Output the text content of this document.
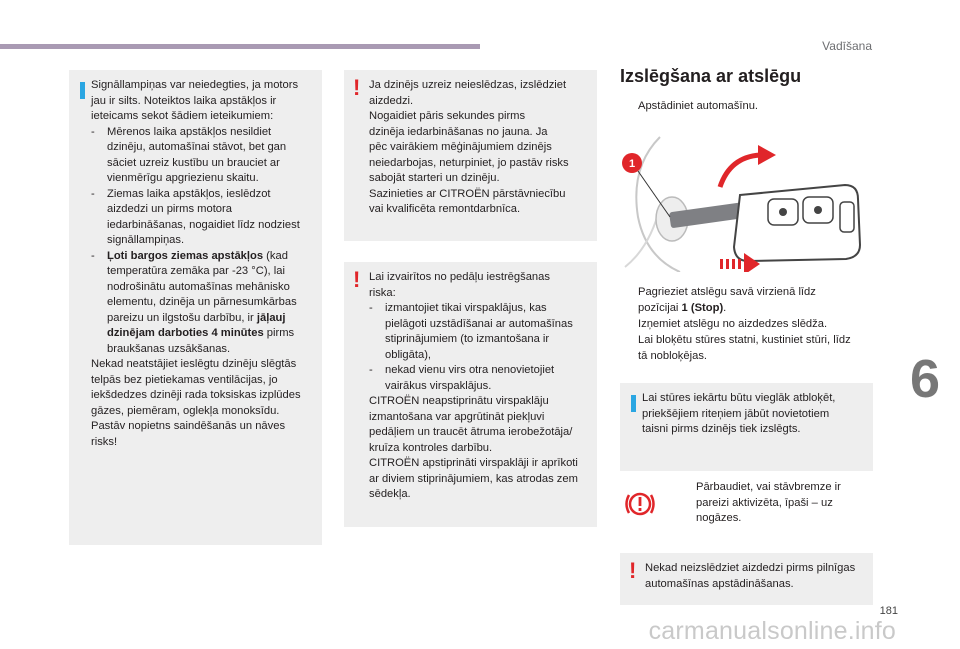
Vadīšana
6
181
carmanualsonline.info
Signāllampiņas var neiedegties, ja motors
jau ir silts. Noteiktos laika apstākļos ir
ieteicams sekot šādiem ieteikumiem:
- Mērenos laika apstākļos nesildiet
dzinēju, automašīnai stāvot, bet gan
sāciet uzreiz kustību un brauciet ar
vienmērīgu apgriezienu skaitu.
- Ziemas laika apstākļos, ieslēdzot
aizdedzi un pirms motora
iedarbināšanas, nogaidiet līdz nodziest
signāllampiņas.
- Ļoti bargos ziemas apstākļos (kad
temperatūra zemāka par -23 °C), lai
nodrošinātu automašīnas mehānisko
elementu, dzinēja un pārnesumkārbas
pareizu un ilgstošu darbību, ir jāļauj
dzinējam darboties 4 minūtes pirms
braukšanas uzsākšanas.
Nekad neatstājiet ieslēgtu dzinēju slēgtās
telpās bez pietiekamas ventilācijas, jo
iekšdedzes dzinēji rada toksiskas izplūdes
gāzes, piemēram, oglekļa monoksīdu.
Pastāv nopietns saindēšanās un nāves
risks!
! Ja dzinējs uzreiz neieslēdzas, izslēdziet
aizdedzi.
Nogaidiet pāris sekundes pirms
dzinēja iedarbināšanas no jauna. Ja
pēc vairākiem mēģinājumiem dzinējs
neiedarbojas, neturpiniet, jo pastāv risks
sabojāt starteri un dzinēju.
Sazinieties ar CITROËN pārstāvniecību
vai kvalificēta remontdarbnīca.
! Lai izvairītos no pedāļu iestrēgšanas
riska:
- izmantojiet tikai virspaklājus, kas
pielāgoti uzstādīšanai ar automašīnas
stiprinājumiem (to izmantošana ir
obligāta),
- nekad vienu virs otra nenovietojiet
vairākus virspaklājus.
CITROËN neapstiprinātu virspaklāju
izmantošana var apgrūtināt piekļuvi
pedāļiem un traucēt ātruma ierobežotāja/
kruīza kontroles darbību.
CITROËN apstiprināti virspaklāji ir aprīkoti
ar diviem stiprinājumiem, kas atrodas zem
sēdekļa.
Izslēgšana ar atslēgu
Apstādiniet automašīnu.
1
Pagrieziet atslēgu savā virzienā līdz
pozīcijai 1 (Stop).
Izņemiet atslēgu no aizdedzes slēdža.
Lai bloķētu stūres statni, kustiniet stūri, līdz
tā nobloķējas.
Lai stūres iekārtu būtu vieglāk atbloķēt,
priekšējiem riteņiem jābūt novietotiem
taisni pirms dzinējs tiek izslēgts.
Pārbaudiet, vai stāvbremze ir
pareizi aktivizēta, īpaši – uz
nogāzes.
! Nekad neizslēdziet aizdedzi pirms pilnīgas
automašīnas apstādināšanas.
